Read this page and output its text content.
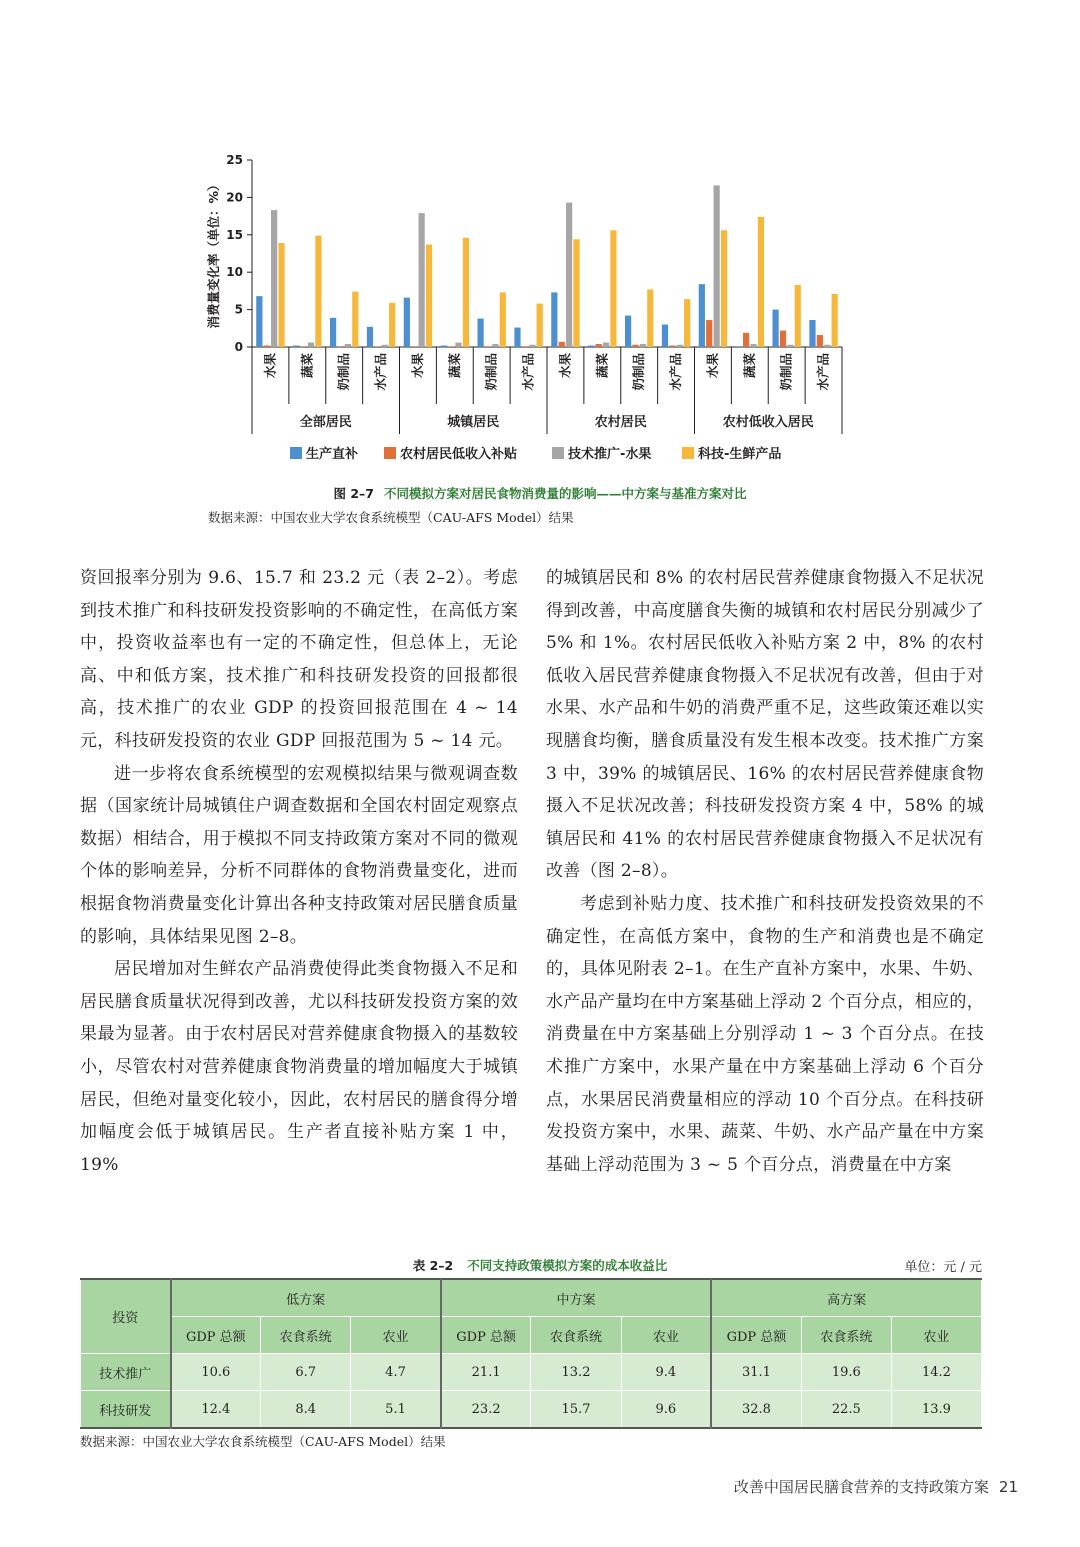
0
5
10
15
20
25
消费量变化率（单位：%）
水果 蔬菜 奶制品 水产品 水果 蔬菜 奶制品 水产品 水果 蔬菜 奶制品 水产品 水果 蔬菜 奶制品 水产品
全部居民	城镇居民	农村居民	农村低收入居民
生产直补	农村居民低收入补贴	技术推广-水果	科技-生鲜产品
图 2–7 不同模拟方案对居民食物消费量的影响——中方案与基准方案对比
数据来源：中国农业大学农食系统模型（CAU-AFS Model）结果

资回报率分别为 9.6、15.7 和 23.2 元（表 2–2）。考虑到技术推广和科技研发投资影响的不确定性，在高低方案中，投资收益率也有一定的不确定性，但总体上，无论高、中和低方案，技术推广和科技研发投资的回报都很高，技术推广的农业 GDP 的投资回报范围在 4 ~ 14 元，科技研发投资的农业 GDP 回报范围为 5 ~ 14 元。

进一步将农食系统模型的宏观模拟结果与微观调查数据（国家统计局城镇住户调查数据和全国农村固定观察点数据）相结合，用于模拟不同支持政策方案对不同的微观个体的影响差异，分析不同群体的食物消费量变化，进而根据食物消费量变化计算出各种支持政策对居民膳食质量的影响，具体结果见图 2–8。

居民增加对生鲜农产品消费使得此类食物摄入不足和居民膳食质量状况得到改善，尤以科技研发投资方案的效果最为显著。由于农村居民对营养健康食物摄入的基数较小，尽管农村对营养健康食物消费量的增加幅度大于城镇居民，但绝对量变化较小，因此，农村居民的膳食得分增加幅度会低于城镇居民。生产者直接补贴方案 1 中，19%

的城镇居民和 8% 的农村居民营养健康食物摄入不足状况得到改善，中高度膳食失衡的城镇和农村居民分别减少了 5% 和 1%。农村居民低收入补贴方案 2 中，8% 的农村低收入居民营养健康食物摄入不足状况有改善，但由于对水果、水产品和牛奶的消费严重不足，这些政策还难以实现膳食均衡，膳食质量没有发生根本改变。技术推广方案 3 中，39% 的城镇居民、16% 的农村居民营养健康食物摄入不足状况改善；科技研发投资方案 4 中，58% 的城镇居民和 41% 的农村居民营养健康食物摄入不足状况有改善（图 2–8）。

考虑到补贴力度、技术推广和科技研发投资效果的不确定性，在高低方案中，食物的生产和消费也是不确定的，具体见附表 2–1。在生产直补方案中，水果、牛奶、水产品产量均在中方案基础上浮动 2 个百分点，相应的，消费量在中方案基础上分别浮动 1 ~ 3 个百分点。在技术推广方案中，水果产量在中方案基础上浮动 6 个百分点，水果居民消费量相应的浮动 10 个百分点。在科技研发投资方案中，水果、蔬菜、牛奶、水产品产量在中方案基础上浮动范围为 3 ~ 5 个百分点，消费量在中方案

表 2–2 不同支持政策模拟方案的成本收益比	单位：元 / 元
投资	低方案			中方案			高方案		
	GDP 总额	农食系统	农业	GDP 总额	农食系统	农业	GDP 总额	农食系统	农业
技术推广	10.6	6.7	4.7	21.1	13.2	9.4	31.1	19.6	14.2
科技研发	12.4	8.4	5.1	23.2	15.7	9.6	32.8	22.5	13.9
数据来源：中国农业大学农食系统模型（CAU-AFS Model）结果
改善中国居民膳食营养的支持政策方案 21
